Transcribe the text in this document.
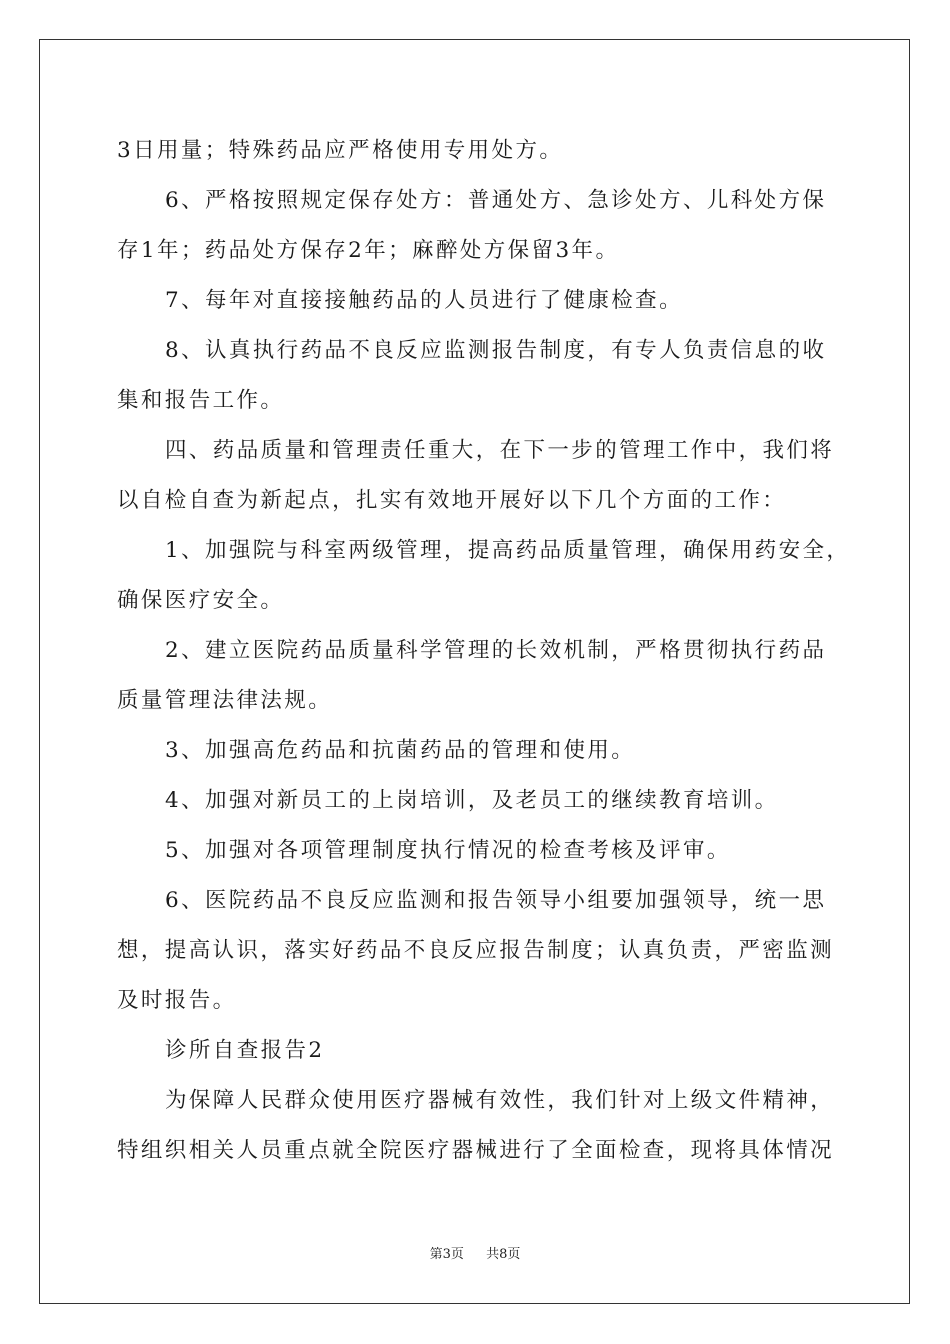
3日用量；特殊药品应严格使用专用处方。

6、严格按照规定保存处方：普通处方、急诊处方、儿科处方保

存1年；药品处方保存2年；麻醉处方保留3年。

7、每年对直接接触药品的人员进行了健康检查。

8、认真执行药品不良反应监测报告制度，有专人负责信息的收

集和报告工作。

四、药品质量和管理责任重大，在下一步的管理工作中，我们将

以自检自查为新起点，扎实有效地开展好以下几个方面的工作：

1、加强院与科室两级管理，提高药品质量管理，确保用药安全，

确保医疗安全。

2、建立医院药品质量科学管理的长效机制，严格贯彻执行药品

质量管理法律法规。

3、加强高危药品和抗菌药品的管理和使用。

4、加强对新员工的上岗培训，及老员工的继续教育培训。

5、加强对各项管理制度执行情况的检查考核及评审。

6、医院药品不良反应监测和报告领导小组要加强领导，统一思

想，提高认识，落实好药品不良反应报告制度；认真负责，严密监测

及时报告。

诊所自查报告2

为保障人民群众使用医疗器械有效性，我们针对上级文件精神，

特组织相关人员重点就全院医疗器械进行了全面检查，现将具体情况

第3页 共8页
